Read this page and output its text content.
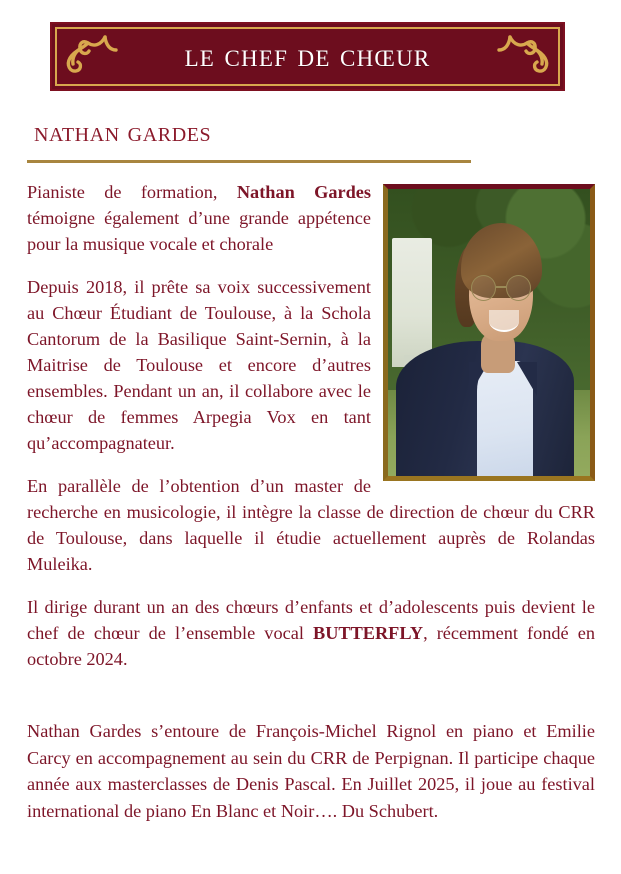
le chef de chœur
nathan gardes

Pianiste de formation, Nathan Gardes témoigne également d’une grande appétence pour la musique vocale et chorale

Depuis 2018, il prête sa voix successivement au Chœur Étudiant de Toulouse, à la Schola Cantorum de la Basilique Saint-Sernin, à la Maitrise de Toulouse et encore d’autres ensembles. Pendant un an, il collabore avec le chœur de femmes Arpegia Vox en tant qu’accompagnateur.

En parallèle de l’obtention d’un master de recherche en musicologie, il intègre la classe de direction de chœur du CRR de Toulouse, dans laquelle il étudie actuellement auprès de Rolandas Muleika.

Il dirige durant un an des chœurs d’enfants et d’adolescents puis devient le chef de chœur de l’ensemble vocal BUTTERFLY, récemment fondé en octobre 2024.

Nathan Gardes s’entoure de François-Michel Rignol en piano et Emilie Carcy en accompagnement au sein du CRR de Perpignan. Il participe chaque année aux masterclasses de Denis Pascal. En Juillet 2025, il joue au festival international de piano En Blanc et Noir…. Du Schubert.
